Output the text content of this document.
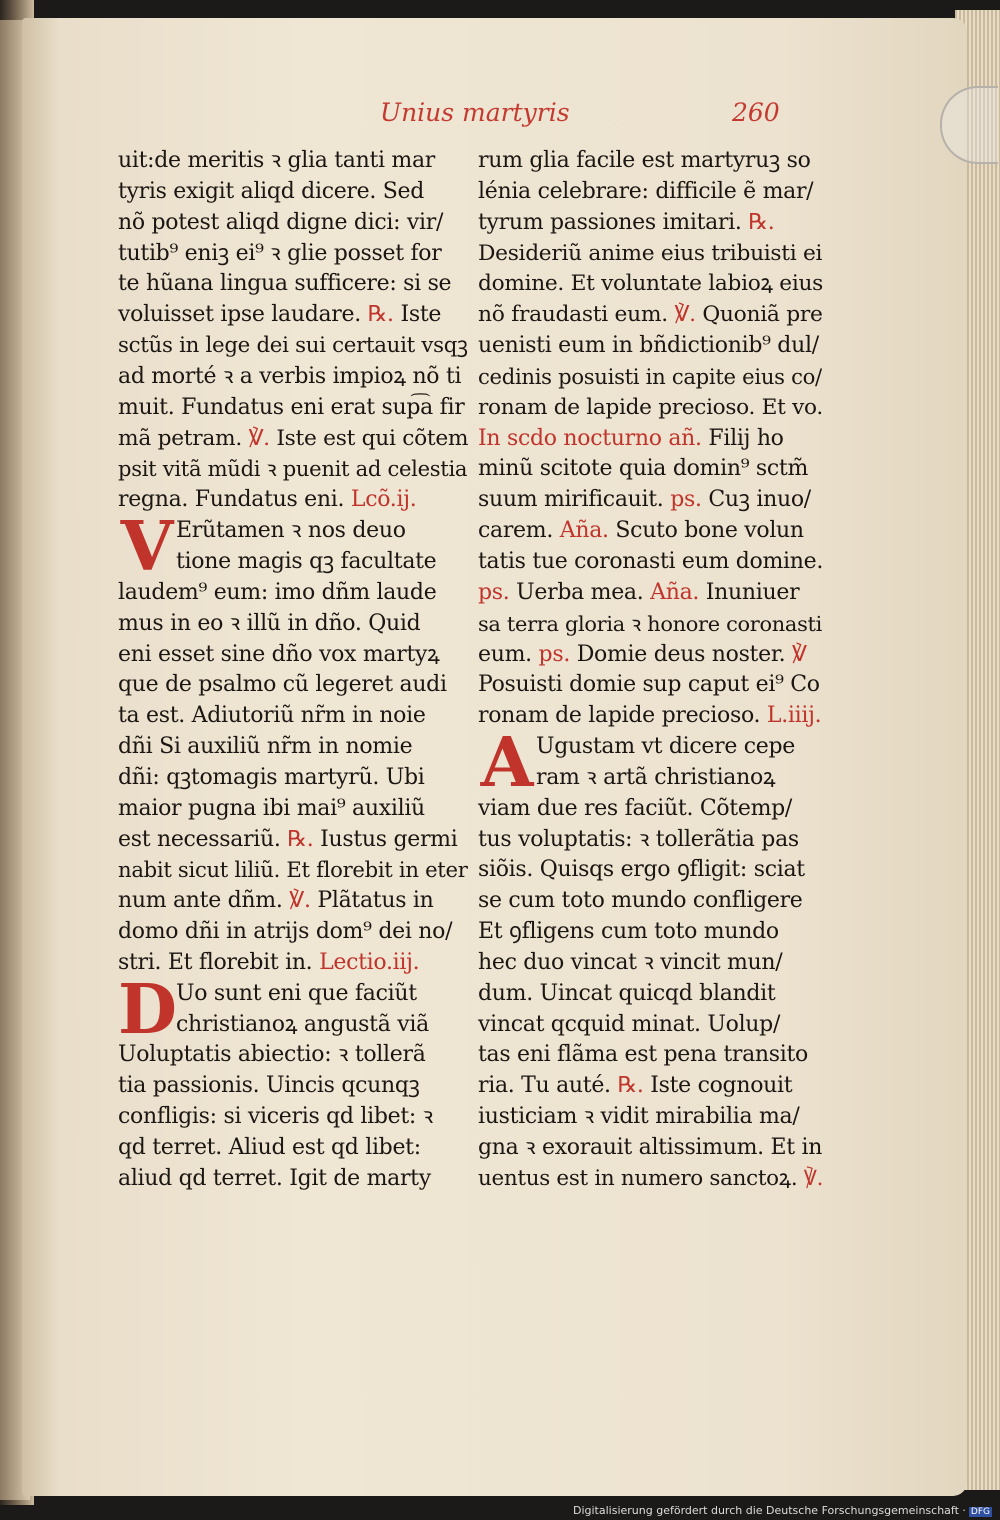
Unius martyris	260
uit:de meritis ꝛ glia tanti mar
tyris exigit aliqd dicere. Sed
nõ potest aliqd digne dici: vir/
tutib⁹ eniꝫ ei⁹ ꝛ glie posset for
te hũana lingua sufficere: si se
voluisset ipse laudare. ℞. Iste
sctũs in lege dei sui certauit vsqꝫ
ad morté ꝛ a verbis impioꝝ nõ ti
muit. Fundatus eni erat sup͡a fir
mã petram. ℣. Iste est qui cõtem
psit vitã mũdi ꝛ puenit ad celestia
regna. Fundatus eni. Lcõ.ij.
V Erũtamen ꝛ nos deuo
tione magis qꝫ facultate
laudem⁹ eum: imo dñm laude
mus in eo ꝛ illũ in dño. Quid
eni esset sine dño vox martyꝝ
que de psalmo cũ legeret audi
ta est. Adiutoriũ nr̃m in noie
dñi Si auxiliũ nr̃m in nomie
dñi: qꝫtomagis martyrũ. Ubi
maior pugna ibi mai⁹ auxiliũ
est necessariũ. ℞. Iustus germi
nabit sicut liliũ. Et florebit in eter
num ante dñm. ℣. Plãtatus in
domo dñi in atrijs dom⁹ dei no/
stri. Et florebit in. Lectio.iij.
D Uo sunt eni que faciũt
christianoꝝ angustã viã
Uoluptatis abiectio: ꝛ tollerã
tia passionis. Uincis qcunqꝫ
confligis: si viceris qd libet: ꝛ
qd terret. Aliud est qd libet:
aliud qd terret. Igit de marty
rum glia facile est martyruꝫ so
lénia celebrare: difficile ẽ mar/
tyrum passiones imitari. ℞.
Desideriũ anime eius tribuisti ei
domine. Et voluntate labioꝝ eius
nõ fraudasti eum. ℣. Quoniã pre
uenisti eum in bñdictionib⁹ dul/
cedinis posuisti in capite eius co/
ronam de lapide precioso. Et vo.
In scdo nocturno añ. Filij ho
minũ scitote quia domin⁹ sctm̃
suum mirificauit. ps. Cuꝫ inuo/
carem. Aña. Scuto bone volun
tatis tue coronasti eum domine.
ps. Uerba mea. Aña. Inuniuer
sa terra gloria ꝛ honore coronasti
eum. ps. Domie deus noster. ℣
Posuisti domie sup caput ei⁹ Co
ronam de lapide precioso. L.iiij.
A Ugustam vt dicere cepe
ram ꝛ artã christianoꝝ
viam due res faciũt. Cõtemp/
tus voluptatis: ꝛ tollerãtia pas
siõis. Quisqs ergo ꝯfligit: sciat
se cum toto mundo confligere
Et ꝯfligens cum toto mundo
hec duo vincat ꝛ vincit mun/
dum. Uincat quicqd blandit
vincat qcquid minat. Uolup/
tas eni flãma est pena transito
ria. Tu auté. ℞. Iste cognouit
iusticiam ꝛ vidit mirabilia ma/
gna ꝛ exorauit altissimum. Et in
uentus est in numero sanctoꝝ. ℣.
Digitalisierung gefördert durch die Deutsche Forschungsgemeinschaft · DFG
